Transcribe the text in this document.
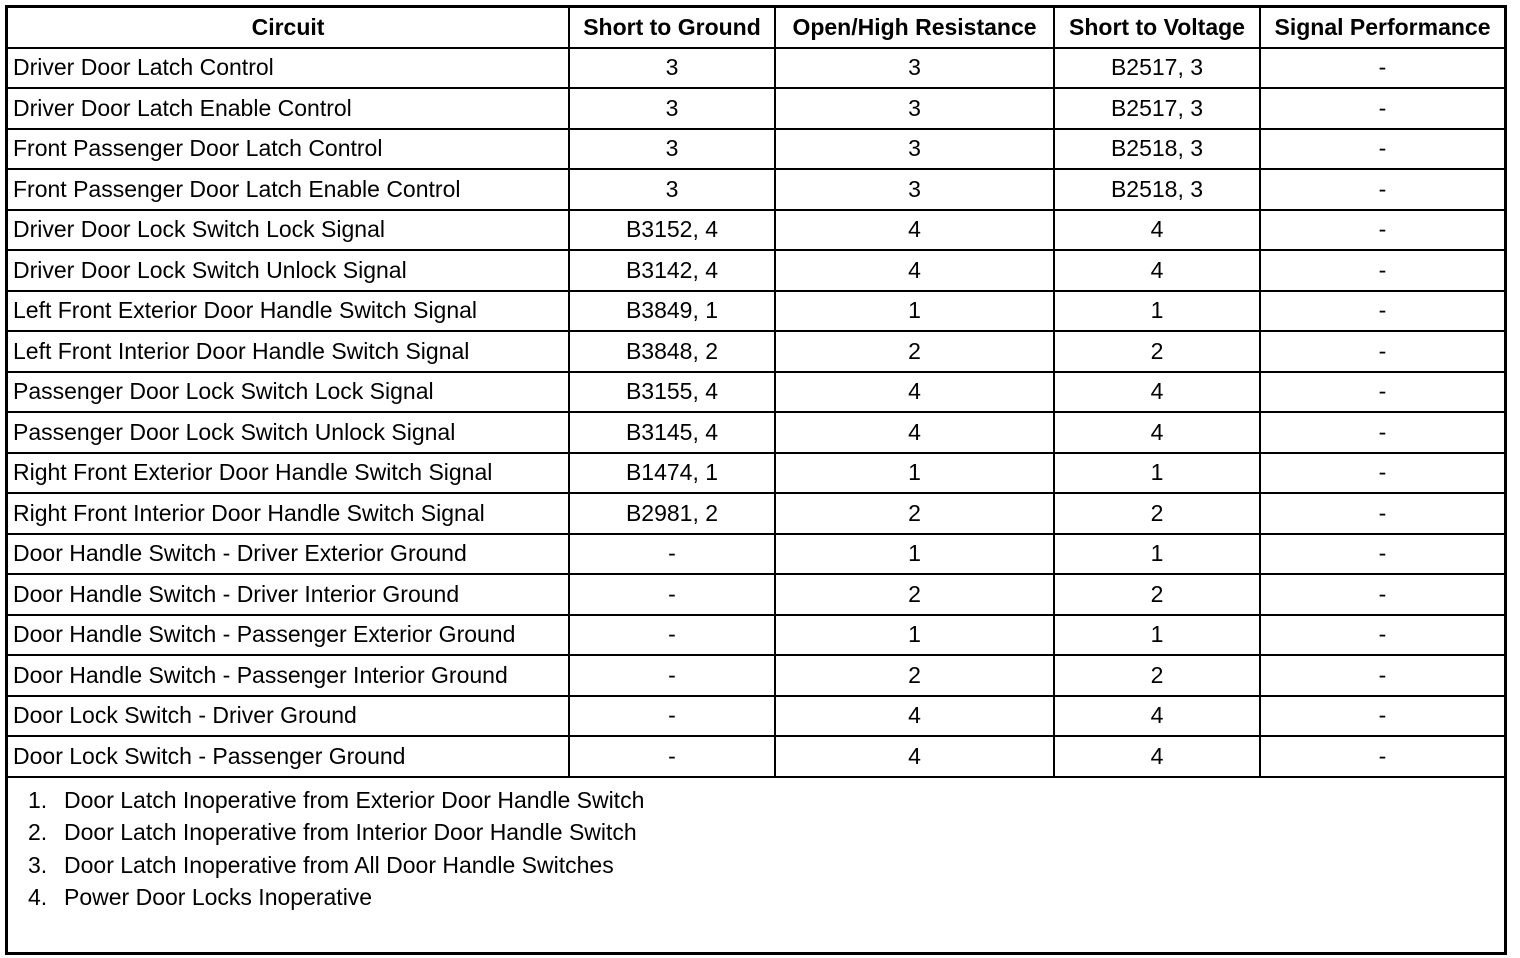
Circuit	Short to Ground	Open/High Resistance	Short to Voltage	Signal Performance
Driver Door Latch Control	3	3	B2517, 3	-
Driver Door Latch Enable Control	3	3	B2517, 3	-
Front Passenger Door Latch Control	3	3	B2518, 3	-
Front Passenger Door Latch Enable Control	3	3	B2518, 3	-
Driver Door Lock Switch Lock Signal	B3152, 4	4	4	-
Driver Door Lock Switch Unlock Signal	B3142, 4	4	4	-
Left Front Exterior Door Handle Switch Signal	B3849, 1	1	1	-
Left Front Interior Door Handle Switch Signal	B3848, 2	2	2	-
Passenger Door Lock Switch Lock Signal	B3155, 4	4	4	-
Passenger Door Lock Switch Unlock Signal	B3145, 4	4	4	-
Right Front Exterior Door Handle Switch Signal	B1474, 1	1	1	-
Right Front Interior Door Handle Switch Signal	B2981, 2	2	2	-
Door Handle Switch - Driver Exterior Ground	-	1	1	-
Door Handle Switch - Driver Interior Ground	-	2	2	-
Door Handle Switch - Passenger Exterior Ground	-	1	1	-
Door Handle Switch - Passenger Interior Ground	-	2	2	-
Door Lock Switch - Driver Ground	-	4	4	-
Door Lock Switch - Passenger Ground	-	4	4	-
1. Door Latch Inoperative from Exterior Door Handle Switch
2. Door Latch Inoperative from Interior Door Handle Switch
3. Door Latch Inoperative from All Door Handle Switches
4. Power Door Locks Inoperative
